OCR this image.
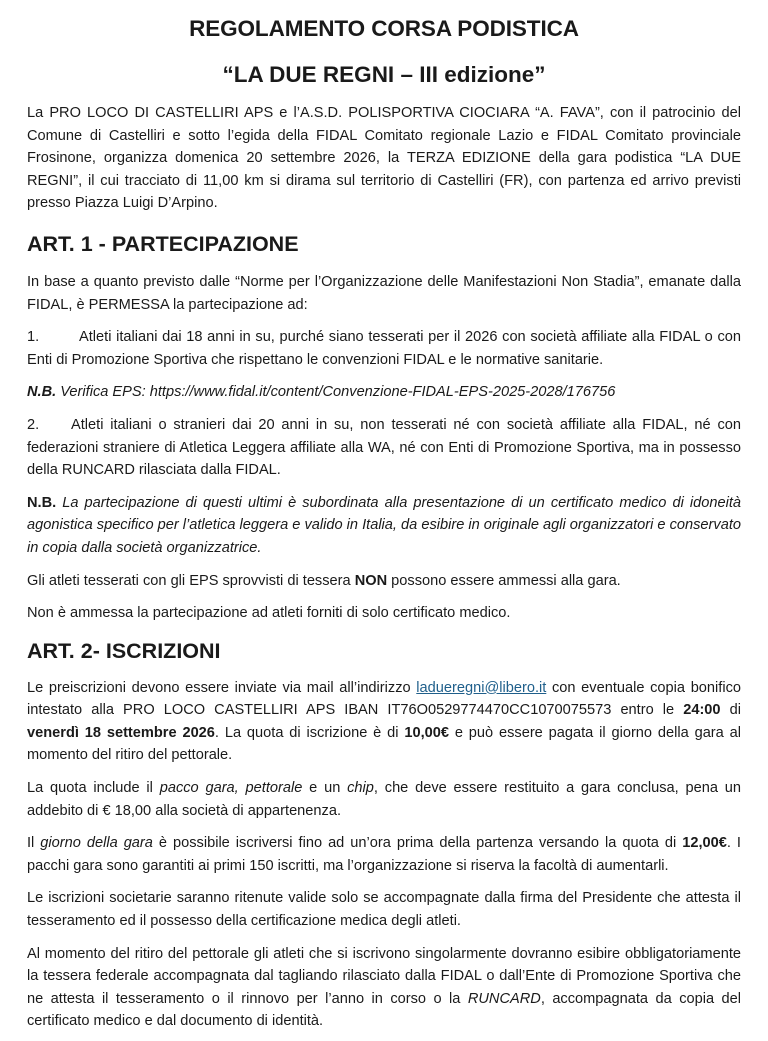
REGOLAMENTO CORSA PODISTICA
“LA DUE REGNI – III edizione”

La PRO LOCO DI CASTELLIRI APS e l’A.S.D. POLISPORTIVA CIOCIARA “A. FAVA”, con il patrocinio del Comune di Castelliri e sotto l’egida della FIDAL Comitato regionale Lazio e FIDAL Comitato provinciale Frosinone, organizza domenica 20 settembre 2026, la TERZA EDIZIONE della gara podistica “LA DUE REGNI”, il cui tracciato di 11,00 km si dirama sul territorio di Castelliri (FR), con partenza ed arrivo previsti presso Piazza Luigi D’Arpino.

ART. 1 - PARTECIPAZIONE

In base a quanto previsto dalle “Norme per l’Organizzazione delle Manifestazioni Non Stadia”, emanate dalla FIDAL, è PERMESSA la partecipazione ad:

1.	Atleti italiani dai 18 anni in su, purché siano tesserati per il 2026 con società affiliate alla FIDAL o con Enti di Promozione Sportiva che rispettano le convenzioni FIDAL e le normative sanitarie.

N.B. Verifica EPS: https://www.fidal.it/content/Convenzione-FIDAL-EPS-2025-2028/176756

2. Atleti italiani o stranieri dai 20 anni in su, non tesserati né con società affiliate alla FIDAL, né con federazioni straniere di Atletica Leggera affiliate alla WA, né con Enti di Promozione Sportiva, ma in possesso della RUNCARD rilasciata dalla FIDAL.

N.B. La partecipazione di questi ultimi è subordinata alla presentazione di un certificato medico di idoneità agonistica specifico per l’atletica leggera e valido in Italia, da esibire in originale agli organizzatori e conservato in copia dalla società organizzatrice.

Gli atleti tesserati con gli EPS sprovvisti di tessera NON possono essere ammessi alla gara.

Non è ammessa la partecipazione ad atleti forniti di solo certificato medico.

ART. 2- ISCRIZIONI

Le preiscrizioni devono essere inviate via mail all’indirizzo ladueregni@libero.it con eventuale copia bonifico intestato alla PRO LOCO CASTELLIRI APS IBAN IT76O0529774470CC1070075573 entro le 24:00 di venerdì 18 settembre 2026. La quota di iscrizione è di 10,00€ e può essere pagata il giorno della gara al momento del ritiro del pettorale.

La quota include il pacco gara, pettorale e un chip, che deve essere restituito a gara conclusa, pena un addebito di € 18,00 alla società di appartenenza.

Il giorno della gara è possibile iscriversi fino ad un’ora prima della partenza versando la quota di 12,00€. I pacchi gara sono garantiti ai primi 150 iscritti, ma l’organizzazione si riserva la facoltà di aumentarli.

Le iscrizioni societarie saranno ritenute valide solo se accompagnate dalla firma del Presidente che attesta il tesseramento ed il possesso della certificazione medica degli atleti.

Al momento del ritiro del pettorale gli atleti che si iscrivono singolarmente dovranno esibire obbligatoriamente la tessera federale accompagnata dal tagliando rilasciato dalla FIDAL o dall’Ente di Promozione Sportiva che ne attesta il tesseramento o il rinnovo per l’anno in corso o la RUNCARD, accompagnata da copia del certificato medico e dal documento di identità.
